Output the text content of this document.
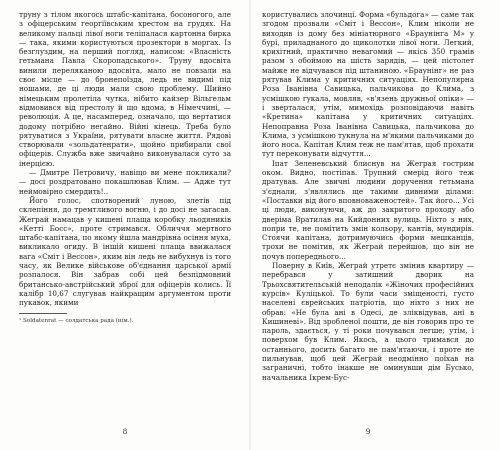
труну з тілом якогось штабс-капітана, босоногого, але з офіцерським георгіївським хрестом на грудях. На великому пальці лівої ноги теліпалася картонна бирка — така, якими користуються прозектори в моргах. Із безглуздим, на перший погляд, написом: «Власність гетьмана Павла Скоропадського». Труну вдосвіта винили переляканою вдосвіта, мало не повзали на своє місце — до бронепоїзда, ледь не видимі під ношами, де ці люди мали свою проблему. Шийно німецьким пролетіла чутка, нібито кайзер Вільгельм відмовився від престолу й що вдома, в Німеччині, — революція. А це, насамперед, означало, що вертатися додому потрібно негайно. Війні кінець. Треба було рятуватися з України, рятувати власне життя. Рядові створювали «зольдатенрати», щойно прибирали свої офіцерів. Служба вже звичайно виконувалася суто за інерцією.

— Дмитре Петровичу, навіщо ви мене покликали? — досі роздратовано покашлював Клим. — Адже тут неймовірно смердить!..

Його голос, спотворений луною, злетів під склепіння, до тремтливого вогню, і до досі не загасав. Жеграй намацав у кишені плаща коробку льодяників «Кетті Босс», проте стримався. Обличчя мертвого штабс-капітана, по якому йшла мандрівна осіння муха, викликало огиду. В іншій кишені плаща ввижалася вага «Сміт і Вессон», яким він ледь не вибухнув із того часу, як Велике військове об'єднання царської армії розпалося. Він забрав собі цей безпідмовний британсько-австрійський зброї для офіцерів колись. Її калібр 10,67 слугував найкращим аргументом проти пукавок, якими

¹ Soldatenrat — солдатська рада (нім.).

користувались злочинці. Форма «бульдога» — саме так згодом прозвали «Сміт і Вессон», Клим ніколи не виходив із дому без мініатюрного «Браунінга М» у бурі, приладнаного до щиколотки лівої ноги. Легкий, крихітний, практично невагомий — якісь 350 грамів разом з обоймою на шість зарядів, — цей пістолет майже не відчувався під штаниною. «Браунінг» не раз рятував Клима у критичних ситуаціях. Непопулярна Роза Іванівна Савицька, пальчикова до Клима, з усмішкою гукала, мовляв, «в'язень дружньої опіки» — і зверталася, утім, мимохідь розповідаючи навіть «Кретина» капітана у критичних ситуаціях. Непоправна Роза Іванівна Савицька, пальчикова до Клима, з усмішкою тукнула на м'якими пальчиками до його носа. Капітан Клим теж не пам'ятав, щоб прохати тут переконувати відчуття...

Іпат Зеленевський блиснув на Жеграя гострим оком. Видно, постіпав. Трупний смерід його теж дратував. Але звичні людини доручення гетьмана з'єднали, з'являлись ще такими дивними ділами: «Поставки від його вповноваженостей». Так його... Усі ці люди, виконуючи, аж до закритого проходу або дверіма Вратилав на Кийдонних вулиць. Ніхто з них, попри те, не помітить змін кольору, кантів, мундирів. Стоячи капітана, дотримуючись форми мешканців, трохи не помітив, як Жеграй перейшов, що він не почув попереднього...

Поверну в Київ, Жеграй утретє змінив квартиру — перебрався у затишний дворик на Трьохсвятительській неподалік «Жіночих професійних курсів» Куліцької. То були часи зміщеності, густо населені єврейських патріотів, що ніхто з них не обрав: «Не була ані в Одесі, де зліквідував, ані в Кишиневі». Від зробленої пошти, де він говорив про те пароль, здається, у ті роки почувався легше; утім, і поверхом був Клим. Якось, а цього тримався до останнього, досить багато не пам'ятаючи, і проте не пильнував, щоб цей Жеграй неодмінно поїхав на заграничні, тобто інакше не оминувши дім Бусько, начальника Ікрем-Бус-

8	9
